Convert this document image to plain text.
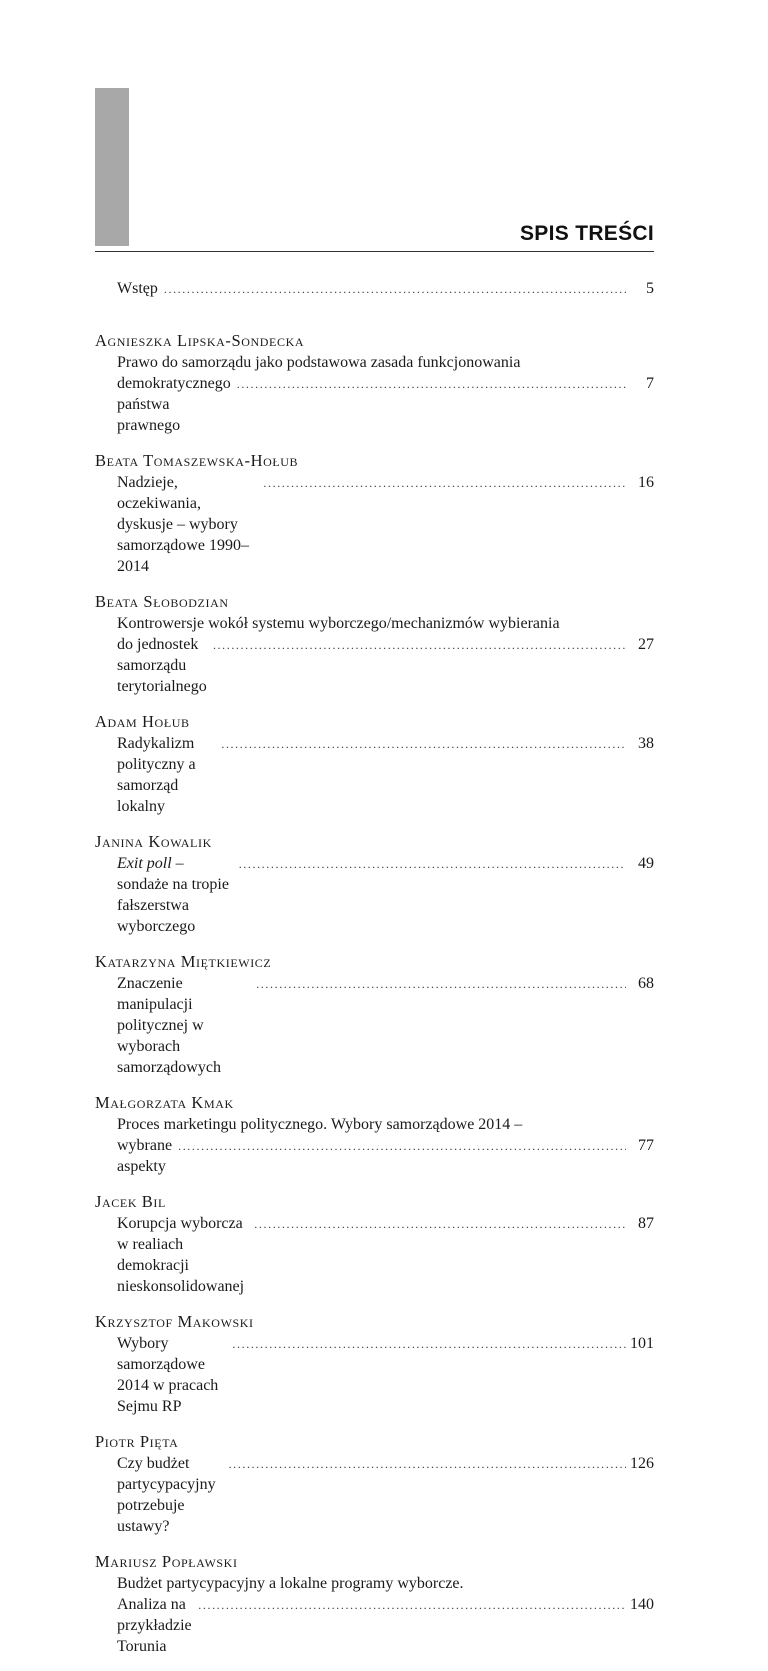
SPIS TREŚCI
Wstęp
.....	5
Agnieszka Lipska-Sondecka
Prawo do samorządu jako podstawowa zasada funkcjonowania
demokratycznego państwa prawnego
.....
7
Beata Tomaszewska-Hołub
Nadzieje, oczekiwania, dyskusje – wybory samorządowe 1990–2014
.....
16
Beata Słobodzian
Kontrowersje wokół systemu wyborczego/mechanizmów wybierania
do jednostek samorządu terytorialnego
.....
27
Adam Hołub
Radykalizm polityczny a samorząd lokalny
.....
38
Janina Kowalik
Exit poll – sondaże na tropie fałszerstwa wyborczego
.....
49
Katarzyna Miętkiewicz
Znaczenie manipulacji politycznej w wyborach samorządowych
.....
68
Małgorzata Kmak
Proces marketingu politycznego. Wybory samorządowe 2014 –
wybrane aspekty
.....
77
Jacek Bil
Korupcja wyborcza w realiach demokracji nieskonsolidowanej
.....
87
Krzysztof Makowski
Wybory samorządowe 2014 w pracach Sejmu RP
.....
101
Piotr Pięta
Czy budżet partycypacyjny potrzebuje ustawy?
.....
126
Mariusz Popławski
Budżet partycypacyjny a lokalne programy wyborcze.
Analiza na przykładzie Torunia
.....
140
